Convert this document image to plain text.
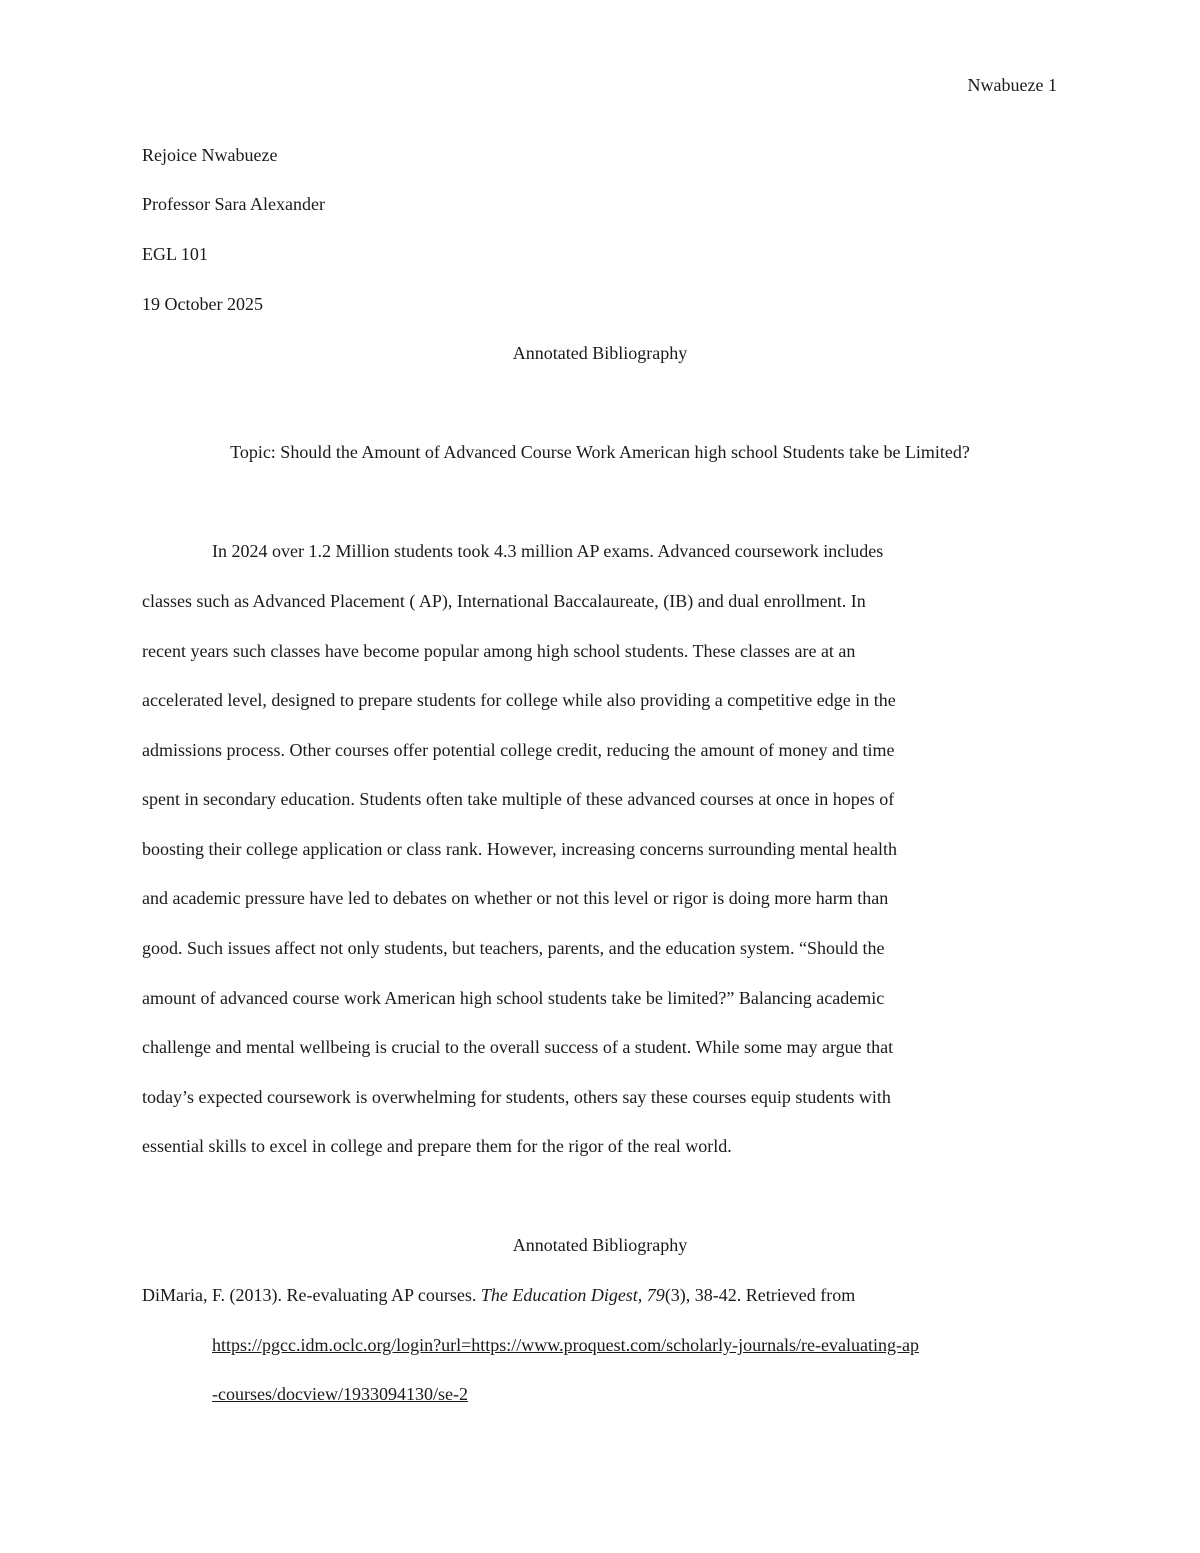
Nwabueze 1
Rejoice Nwabueze
Professor Sara Alexander
EGL 101
19 October 2025
Annotated Bibliography
Topic: Should the Amount of Advanced Course Work American high school Students take be Limited?
In 2024 over 1.2 Million students took 4.3 million AP exams. Advanced coursework includes
classes such as Advanced Placement ( AP), International Baccalaureate, (IB) and dual enrollment. In
recent years such classes have become popular among high school students. These classes are at an
accelerated level, designed to prepare students for college while also providing a competitive edge in the
admissions process. Other courses offer potential college credit, reducing the amount of money and time
spent in secondary education. Students often take multiple of these advanced courses at once in hopes of
boosting their college application or class rank. However, increasing concerns surrounding mental health
and academic pressure have led to debates on whether or not this level or rigor is doing more harm than
good. Such issues affect not only students, but teachers, parents, and the education system. “Should the
amount of advanced course work American high school students take be limited?” Balancing academic
challenge and mental wellbeing is crucial to the overall success of a student. While some may argue that
today’s expected coursework is overwhelming for students, others say these courses equip students with
essential skills to excel in college and prepare them for the rigor of the real world.
Annotated Bibliography
DiMaria, F. (2013). Re-evaluating AP courses. The Education Digest, 79(3), 38-42. Retrieved from
https://pgcc.idm.oclc.org/login?url=https://www.proquest.com/scholarly-journals/re-evaluating-ap
-courses/docview/1933094130/se-2
